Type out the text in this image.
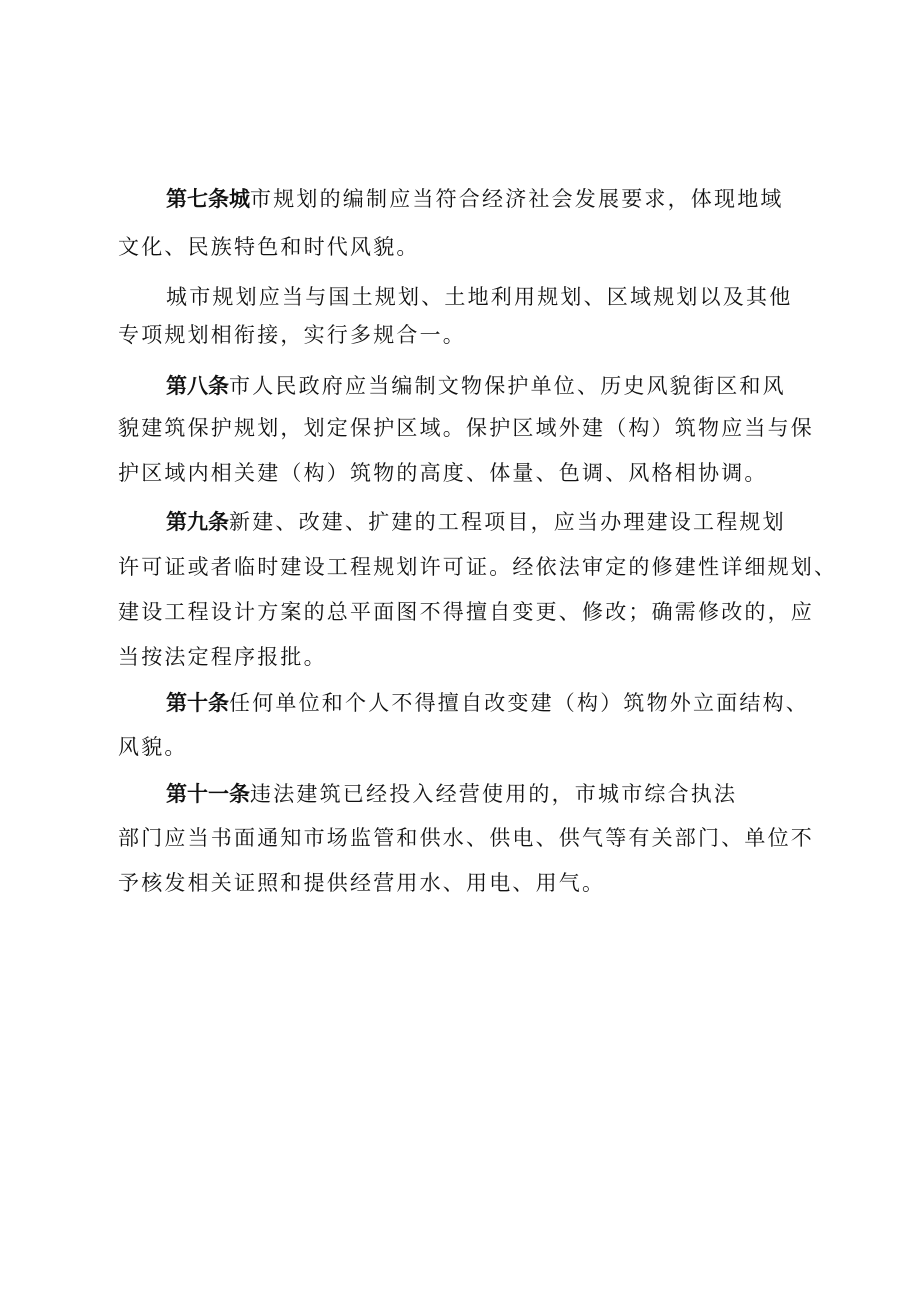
第七条城市规划的编制应当符合经济社会发展要求，体现地域
文化、民族特色和时代风貌。
城市规划应当与国土规划、土地利用规划、区域规划以及其他
专项规划相衔接，实行多规合一。
第八条市人民政府应当编制文物保护单位、历史风貌街区和风
貌建筑保护规划，划定保护区域。保护区域外建（构）筑物应当与保
护区域内相关建（构）筑物的高度、体量、色调、风格相协调。
第九条新建、改建、扩建的工程项目，应当办理建设工程规划
许可证或者临时建设工程规划许可证。经依法审定的修建性详细规划、
建设工程设计方案的总平面图不得擅自变更、修改；确需修改的，应
当按法定程序报批。
第十条任何单位和个人不得擅自改变建（构）筑物外立面结构、
风貌。
第十一条违法建筑已经投入经营使用的，市城市综合执法
部门应当书面通知市场监管和供水、供电、供气等有关部门、单位不
予核发相关证照和提供经营用水、用电、用气。
